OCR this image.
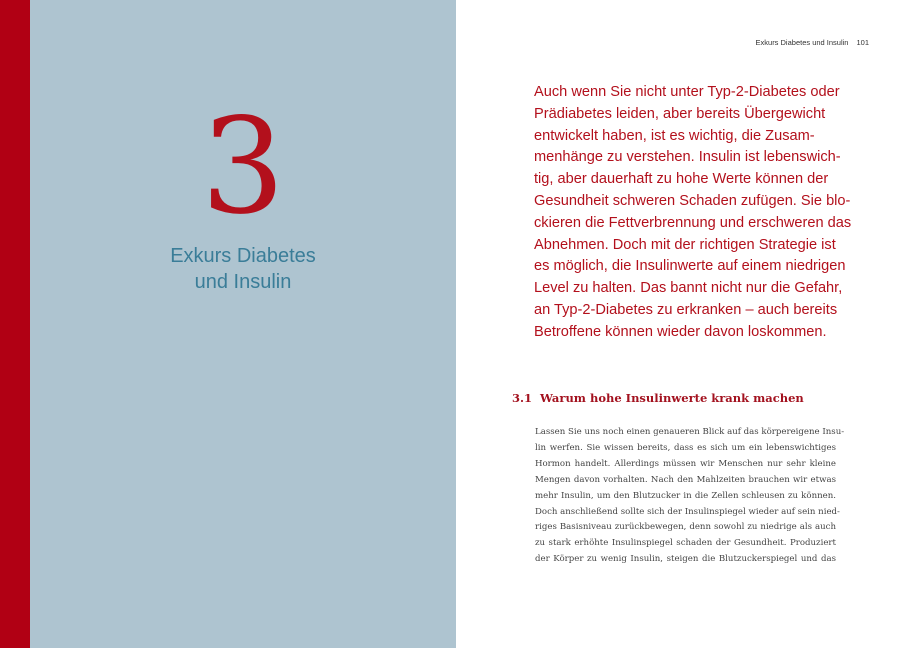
3
Exkurs Diabetes
und Insulin
Exkurs Diabetes und Insulin 101
Auch wenn Sie nicht unter Typ-2-Diabetes oder
Prädiabetes leiden, aber bereits Übergewicht
entwickelt haben, ist es wichtig, die Zusam-
menhänge zu verstehen. Insulin ist lebenswich-
tig, aber dauerhaft zu hohe Werte können der
Gesundheit schweren Schaden zufügen. Sie blo-
ckieren die Fettverbrennung und erschweren das
Abnehmen. Doch mit der richtigen Strategie ist
es möglich, die Insulinwerte auf einem niedrigen
Level zu halten. Das bannt nicht nur die Gefahr,
an Typ-2-Diabetes zu erkranken – auch bereits
Betroffene können wieder davon loskommen.
3.1 Warum hohe Insulinwerte krank machen
Lassen Sie uns noch einen genaueren Blick auf das körpereigene Insu-
lin werfen. Sie wissen bereits, dass es sich um ein lebenswichtiges
Hormon handelt. Allerdings müssen wir Menschen nur sehr kleine
Mengen davon vorhalten. Nach den Mahlzeiten brauchen wir etwas
mehr Insulin, um den Blutzucker in die Zellen schleusen zu können.
Doch anschließend sollte sich der Insulinspiegel wieder auf sein nied-
riges Basisniveau zurückbewegen, denn sowohl zu niedrige als auch
zu stark erhöhte Insulinspiegel schaden der Gesundheit. Produziert
der Körper zu wenig Insulin, steigen die Blutzuckerspiegel und das
